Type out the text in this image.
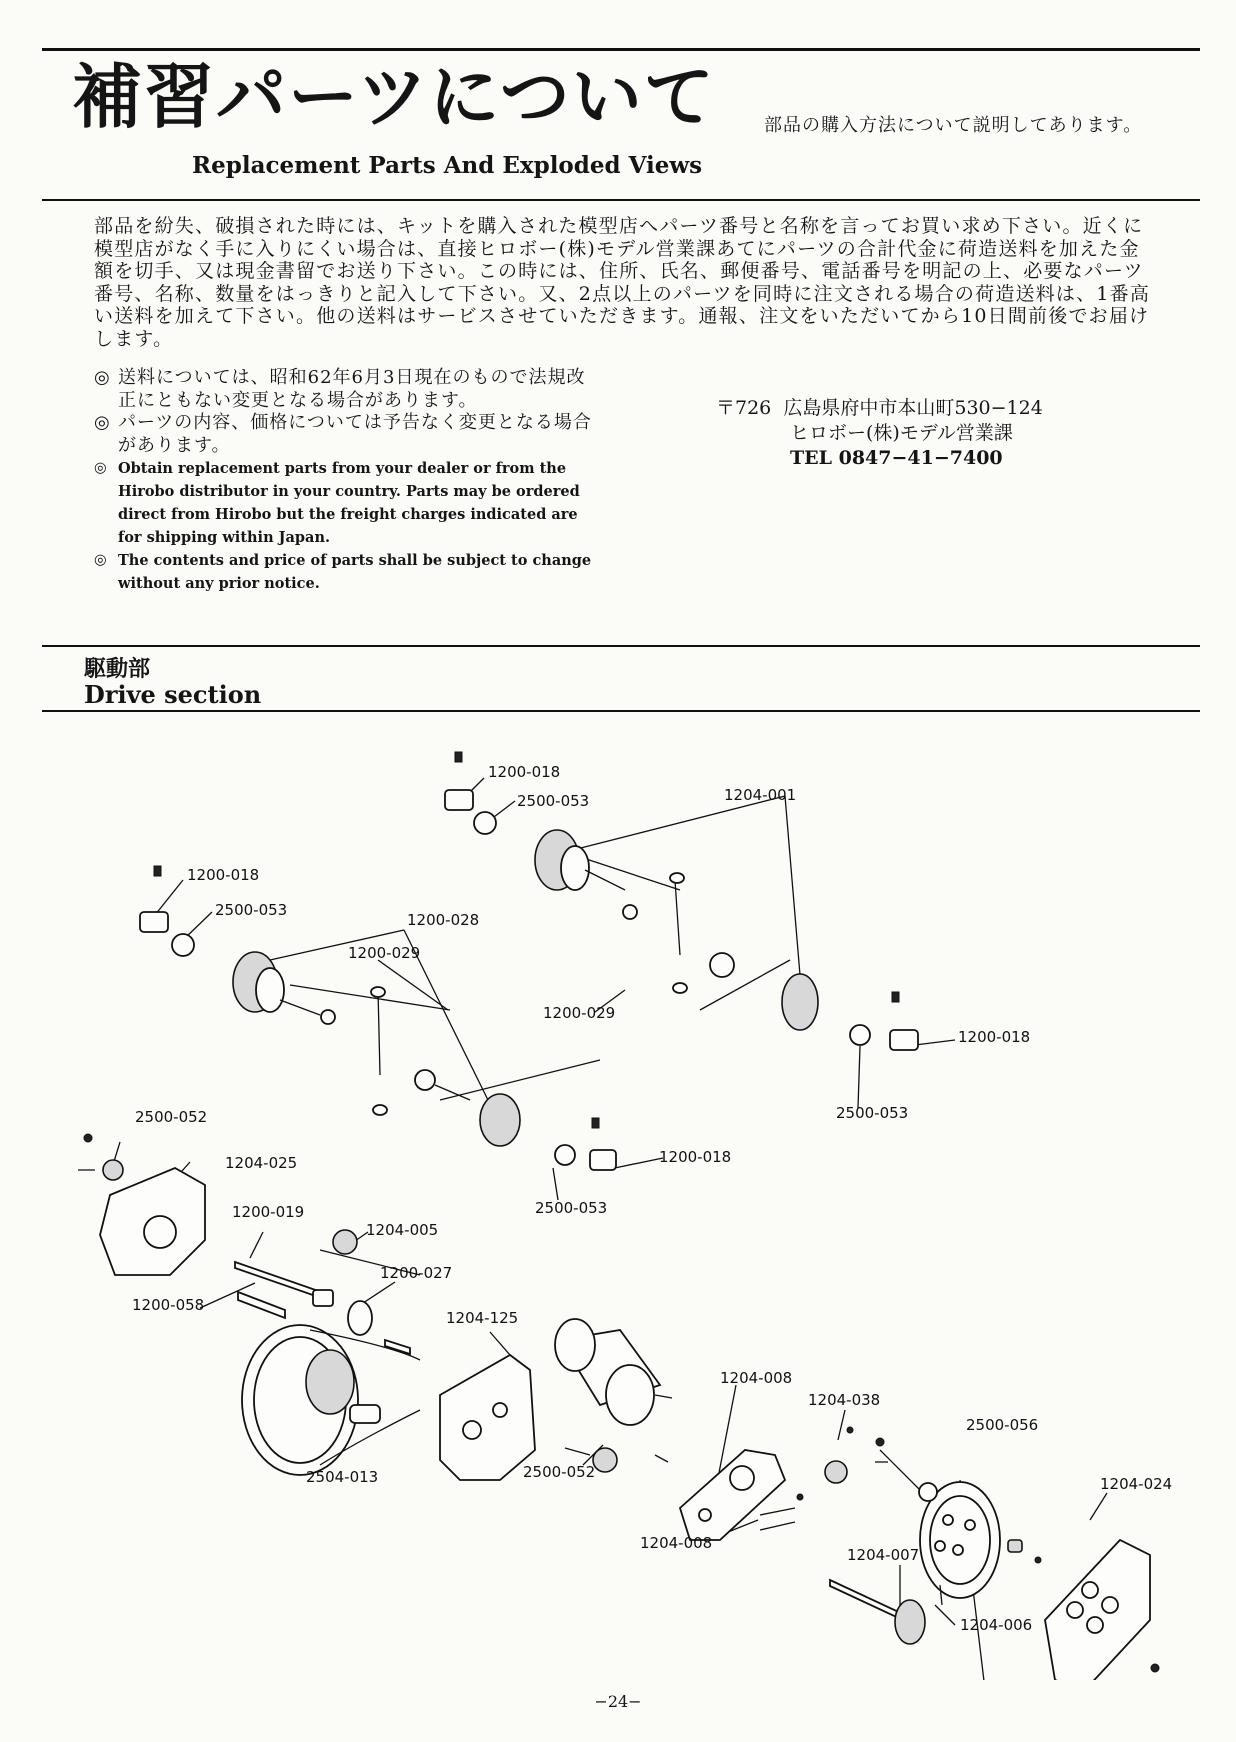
補習パーツについて
Replacement Parts And Exploded Views
部品の購入方法について説明してあります。

部品を紛失、破損された時には、キットを購入された模型店へパーツ番号と名称を言ってお買い求め下さい。近くに模型店がなく手に入りにくい場合は、直接ヒロボー(株)モデル営業課あてにパーツの合計代金に荷造送料を加えた金額を切手、又は現金書留でお送り下さい。この時には、住所、氏名、郵便番号、電話番号を明記の上、必要なパーツ番号、名称、数量をはっきりと記入して下さい。又、2点以上のパーツを同時に注文される場合の荷造送料は、1番高い送料を加えて下さい。他の送料はサービスさせていただきます。通報、注文をいただいてから10日間前後でお届けします。

◎ 送料については、昭和62年6月3日現在のもので法規改正にともない変更となる場合があります。
◎ パーツの内容、価格については予告なく変更となる場合があります。
◎ Obtain replacement parts from your dealer or from the Hirobo distributor in your country. Parts may be ordered direct from Hirobo but the freight charges indicated are for shipping within Japan.
◎ The contents and price of parts shall be subject to change without any prior notice.
〒726 広島県府中市本山町530−124
ヒロボー(株)モデル営業課
TEL 0847−41−7400
駆動部
Drive section
1200-018
2500-053	1204-001
1200-018
2500-053
1200-028
1200-029
1200-029
1200-018
2500-053
2500-052
1204-025	1200-018
2500-053
1200-019
1204-005
1200-027
1200-058
1204-125
2504-013
1204-008
1204-038
2500-056
1204-024
2500-052
1204-008
1204-007
1204-006
−24−
